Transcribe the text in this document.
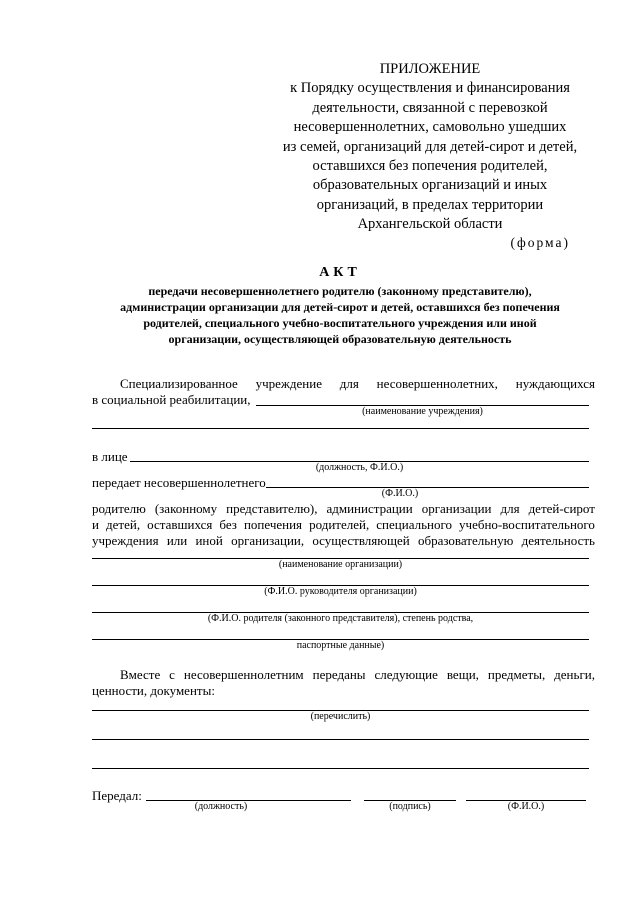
ПРИЛОЖЕНИЕ
к Порядку осуществления и финансирования
деятельности, связанной с перевозкой
несовершеннолетних, самовольно ушедших
из семей, организаций для детей-сирот и детей,
оставшихся без попечения родителей,
образовательных организаций и иных
организаций, в пределах территории
Архангельской области
(форма)
АКТ
передачи несовершеннолетнего родителю (законному представителю),
администрации организации для детей-сирот и детей, оставшихся без попечения
родителей, специального учебно-воспитательного учреждения или иной
организации, осуществляющей образовательную деятельность
Специализированное учреждение для несовершеннолетних, нуждающихся
в социальной реабилитации,
(наименование учреждения)
в лице
(должность, Ф.И.О.)
передает несовершеннолетнего
(Ф.И.О.)
родителю (законному представителю), администрации организации для детей-сирот
и детей, оставшихся без попечения родителей, специального учебно-воспитательного
учреждения или иной организации, осуществляющей образовательную деятельность
(наименование организации)
(Ф.И.О. руководителя организации)
(Ф.И.О. родителя (законного представителя), степень родства,
паспортные данные)
Вместе с несовершеннолетним переданы следующие вещи, предметы, деньги,
ценности, документы:
(перечислить)
Передал:
(должность)	(подпись)	(Ф.И.О.)
